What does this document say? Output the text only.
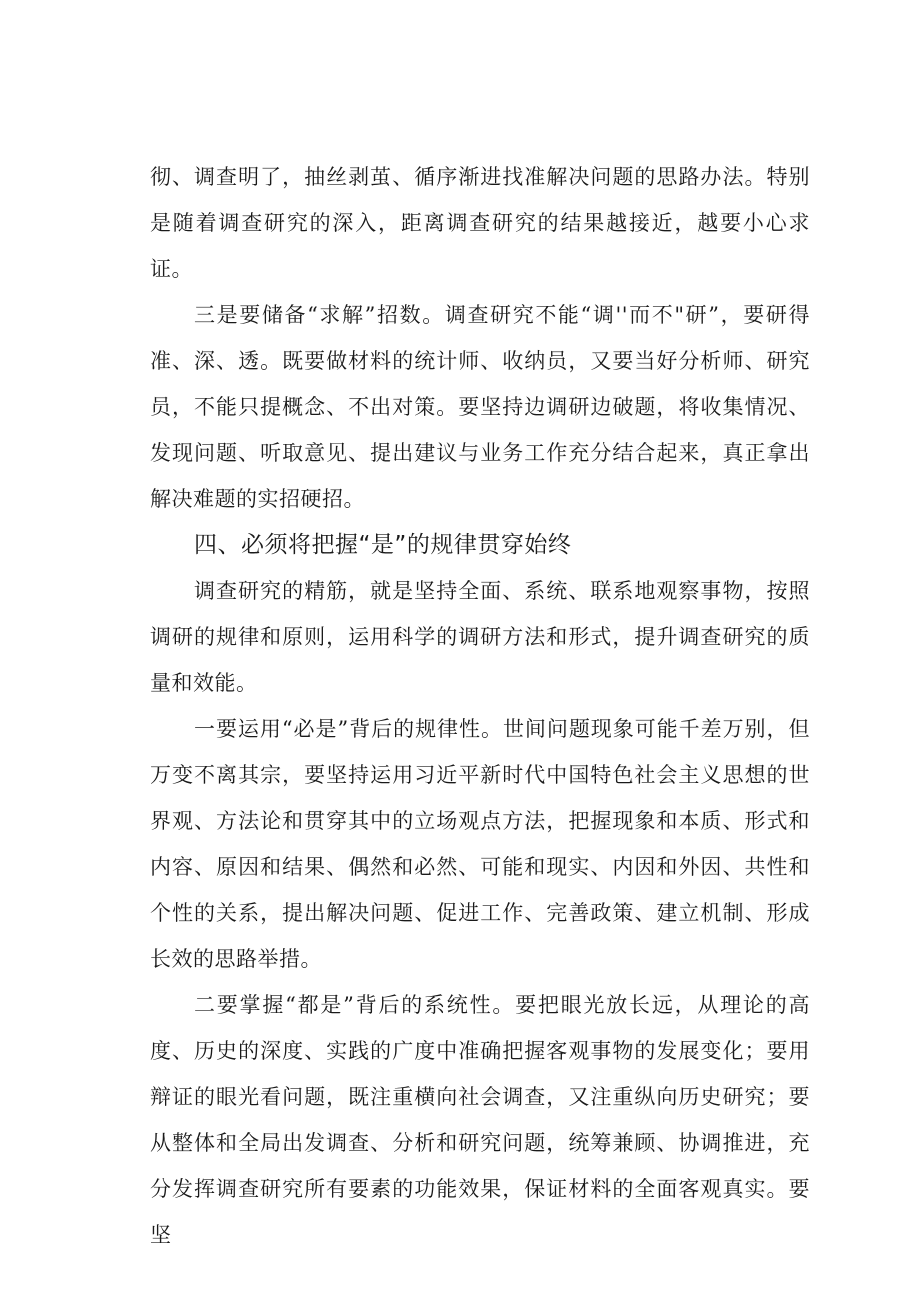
彻、调查明了，抽丝剥茧、循序渐进找准解决问题的思路办法。特别是随着调查研究的深入，距离调查研究的结果越接近，越要小心求证。

三是要储备“求解”招数。调查研究不能“调''而不"研”，要研得准、深、透。既要做材料的统计师、收纳员，又要当好分析师、研究员，不能只提概念、不出对策。要坚持边调研边破题，将收集情况、发现问题、听取意见、提出建议与业务工作充分结合起来，真正拿出解决难题的实招硬招。

四、必须将把握“是”的规律贯穿始终

调查研究的精筋，就是坚持全面、系统、联系地观察事物，按照调研的规律和原则，运用科学的调研方法和形式，提升调查研究的质量和效能。

一要运用“必是”背后的规律性。世间问题现象可能千差万别，但万变不离其宗，要坚持运用习近平新时代中国特色社会主义思想的世界观、方法论和贯穿其中的立场观点方法，把握现象和本质、形式和内容、原因和结果、偶然和必然、可能和现实、内因和外因、共性和个性的关系，提出解决问题、促进工作、完善政策、建立机制、形成长效的思路举措。

二要掌握“都是”背后的系统性。要把眼光放长远，从理论的高度、历史的深度、实践的广度中准确把握客观事物的发展变化；要用辩证的眼光看问题，既注重横向社会调查，又注重纵向历史研究；要从整体和全局出发调查、分析和研究问题，统筹兼顾、协调推进，充分发挥调查研究所有要素的功能效果，保证材料的全面客观真实。要坚
